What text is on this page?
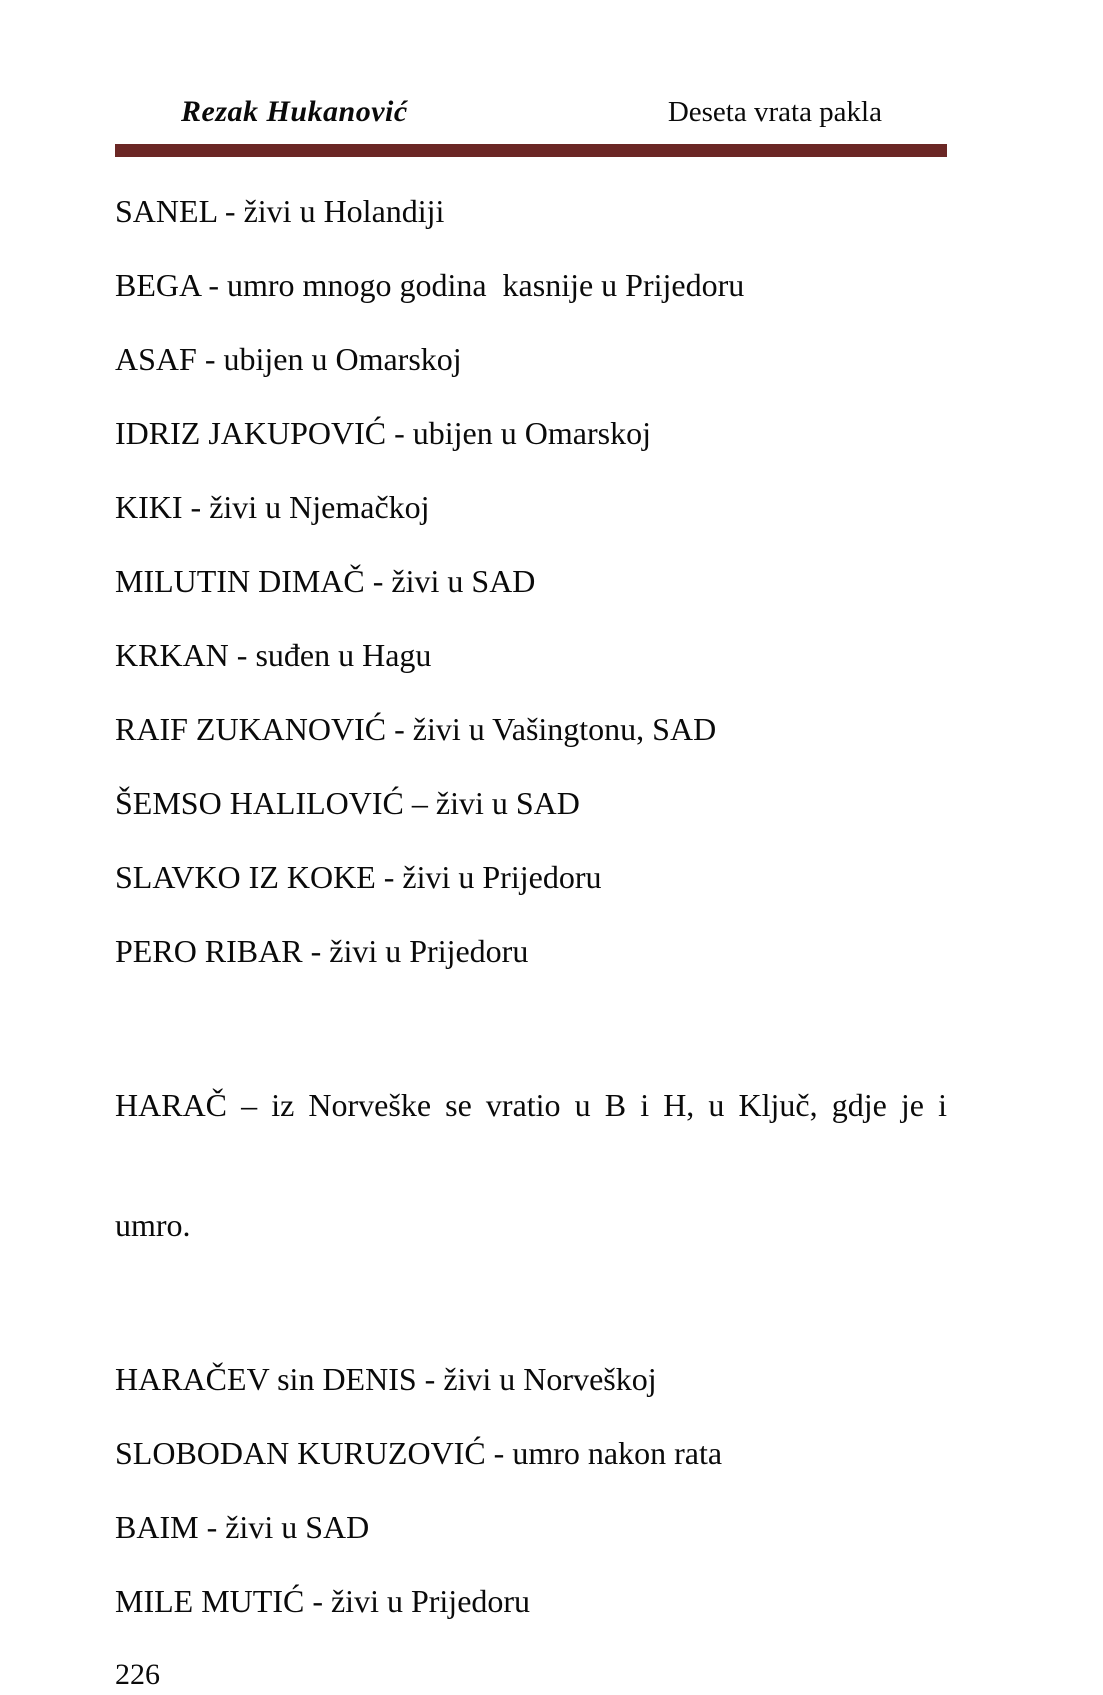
Rezak Hukanović	Deseta vrata pakla

SANEL - živi u Holandiji

BEGA - umro mnogo godina  kasnije u Prijedoru

ASAF - ubijen u Omarskoj

IDRIZ JAKUPOVIĆ - ubijen u Omarskoj

KIKI - živi u Njemačkoj

MILUTIN DIMAČ - živi u SAD

KRKAN - suđen u Hagu

RAIF ZUKANOVIĆ - živi u Vašingtonu, SAD

ŠEMSO HALILOVIĆ – živi u SAD

SLAVKO IZ KOKE - živi u Prijedoru

PERO RIBAR - živi u Prijedoru

HARAČ – iz Norveške se vratio u B i H, u Ključ, gdje je i

umro.

HARAČEV sin DENIS - živi u Norveškoj

SLOBODAN KURUZOVIĆ - umro nakon rata

BAIM - živi u SAD

MILE MUTIĆ - živi u Prijedoru

226
